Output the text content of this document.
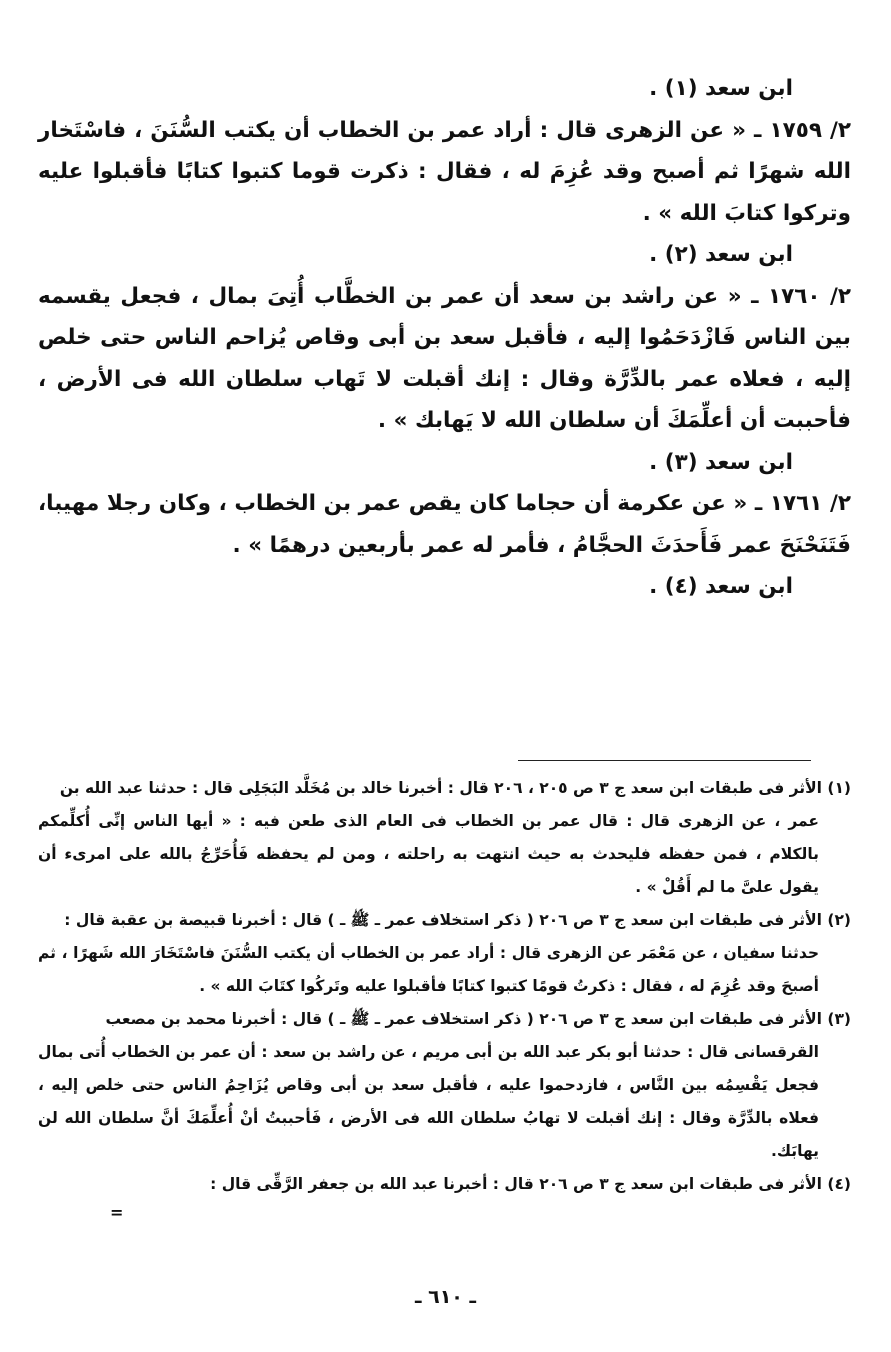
ابن سعد (١) .

٢/ ١٧٥٩ ـ « عن الزهرى قال : أراد عمر بن الخطاب أن يكتب السُّنَنَ ، فاسْتَخار الله شهرًا ثم أصبح وقد عُزِمَ له ، فقال : ذكرت قوما كتبوا كتابًا فأقبلوا عليه وتركوا كتابَ الله » .

ابن سعد (٢) .

٢/ ١٧٦٠ ـ « عن راشد بن سعد أن عمر بن الخطَّاب أُتِىَ بمال ، فجعل يقسمه بين الناس فَازْدَحَمُوا إليه ، فأقبل سعد بن أبى وقاص يُزاحم الناس حتى خلص إليه ، فعلاه عمر بالدِّرَّة وقال : إنك أقبلت لا تَهاب سلطان الله فى الأرض ، فأحببت أن أعلِّمَكَ أن سلطان الله لا يَهابك » .

ابن سعد (٣) .

٢/ ١٧٦١ ـ « عن عكرمة أن حجاما كان يقص عمر بن الخطاب ، وكان رجلا مهيبا، فَتَنَحْنَحَ عمر فَأَحدَثَ الحجَّامُ ، فأمر له عمر بأربعين درهمًا » .

ابن سعد (٤) .

(١) الأثر فى طبقات ابن سعد ج ٣ ص ٢٠٥ ، ٢٠٦ قال : أخبرنا خالد بن مُخَلَّد البَجَلِى قال : حدثنا عبد الله بن

عمر ، عن الزهرى قال : قال عمر بن الخطاب فى العام الذى طعن فيه : « أيها الناس إنِّى أُكلِّمكم بالكلام ، فمن حفظه فليحدث به حيث انتهت به راحلته ، ومن لم يحفظه فَأُحَرِّجُ بالله على امرىء أن يقول علىَّ ما لم أَقُلْ » .

(٢) الأثر فى طبقات ابن سعد ج ٣ ص ٢٠٦ ( ذكر استخلاف عمر ـ ﷺ ـ ) قال : أخبرنا قبيصة بن عقبة قال :

حدثنا سفيان ، عن مَعْمَر عن الزهرى قال : أراد عمر بن الخطاب أن يكتب السُّنَنَ فاسْتَخَارَ الله شَهرًا ، ثم أصبحَ وقد عُزِمَ له ، فقال : ذكرتُ قومًا كتبوا كتابًا فأقبلوا عليه وتَركُوا كتَابَ الله » .

(٣) الأثر فى طبقات ابن سعد ج ٣ ص ٢٠٦ ( ذكر استخلاف عمر ـ ﷺ ـ ) قال : أخبرنا محمد بن مصعب

القرقسانى قال : حدثنا أبو بكر عبد الله بن أبى مريم ، عن راشد بن سعد : أن عمر بن الخطاب أُتى بمال فجعل يَقْسِمُه بين النَّاس ، فازدحموا عليه ، فأقبل سعد بن أبى وقاص يُزَاحِمُ الناس حتى خلص إليه ، فعلاه بالدِّرَّة وقال : إنك أقبلت لا تهابُ سلطان الله فى الأرض ، فَأحببتُ أنْ أُعلِّمَكَ أنَّ سلطان الله لن يهابَك.

(٤) الأثر فى طبقات ابن سعد ج ٣ ص ٢٠٦ قال : أخبرنا عبد الله بن جعفر الرَّقِّى قال :

=
ـ ٦١٠ ـ
